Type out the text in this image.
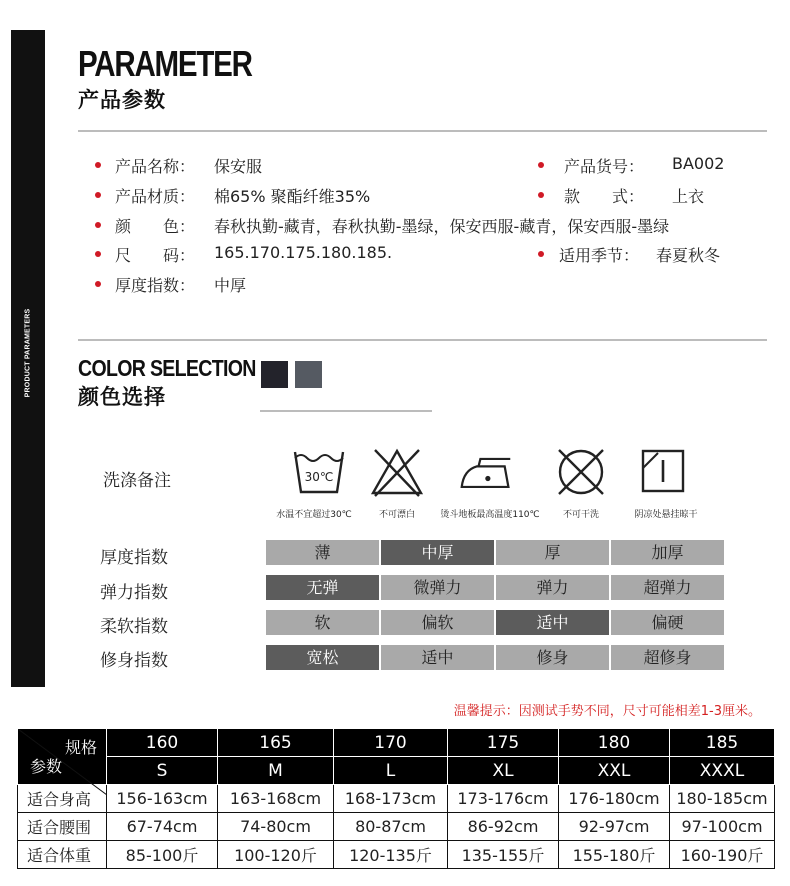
PRODUCT PARAMETERS
PARAMETER
产品参数
产品名称： 保安服	产品货号： BA002
产品材质： 棉65% 聚酯纤维35%	款　　式： 上衣
颜　　色： 春秋执勤-藏青，春秋执勤-墨绿，保安西服-藏青，保安西服-墨绿
尺　　码： 165.170.175.180.185.	适用季节： 春夏秋冬
厚度指数： 中厚
COLOR SELECTION
颜色选择
洗涤备注	30℃
水温不宜超过30℃	不可漂白	烫斗地板最高温度110℃	不可干洗	阴凉处悬挂晾干
厚度指数	薄	中厚	厚	加厚
弹力指数	无弹	微弹力	弹力	超弹力
柔软指数	软	偏软	适中	偏硬
修身指数	宽松	适中	修身	超修身
温馨提示：因测试手势不同，尺寸可能相差1-3厘米。
规格
参数	160	165	170	175	180	185
	S	M	L	XL	XXL	XXXL
适合身高	156-163cm	163-168cm	168-173cm	173-176cm	176-180cm	180-185cm
适合腰围	67-74cm	74-80cm	80-87cm	86-92cm	92-97cm	97-100cm
适合体重	85-100斤	100-120斤	120-135斤	135-155斤	155-180斤	160-190斤
